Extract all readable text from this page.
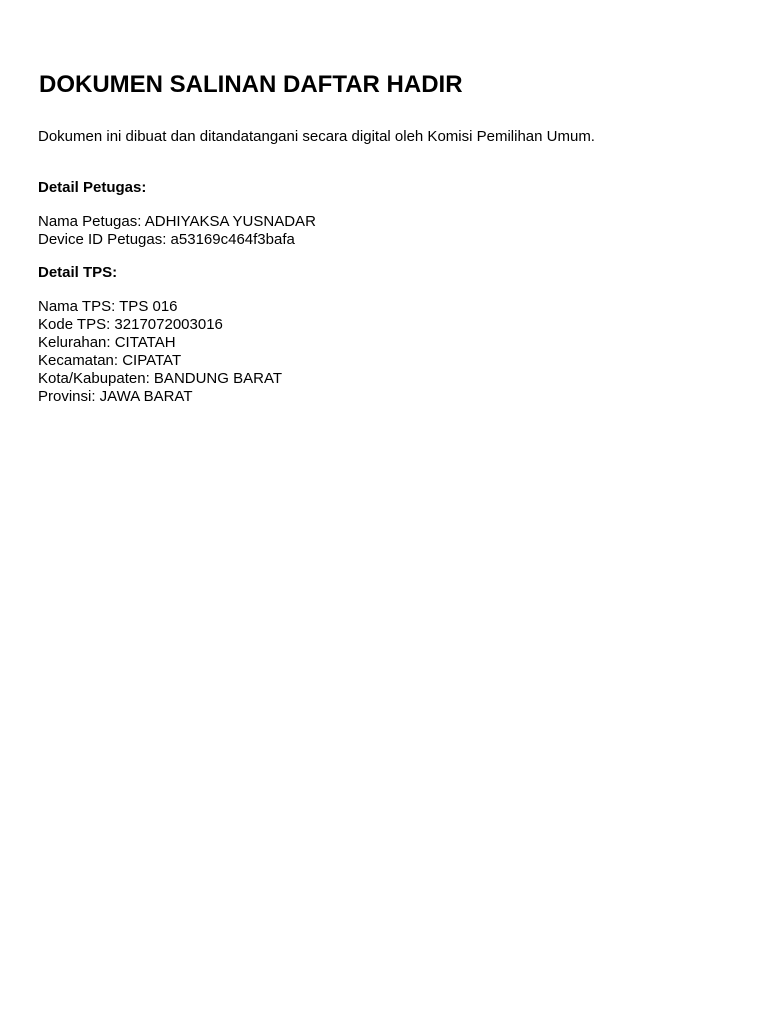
DOKUMEN SALINAN DAFTAR HADIR

Dokumen ini dibuat dan ditandatangani secara digital oleh Komisi Pemilihan Umum.

Detail Petugas:
Nama Petugas: ADHIYAKSA YUSNADAR
Device ID Petugas: a53169c464f3bafa
Detail TPS:
Nama TPS: TPS 016
Kode TPS: 3217072003016
Kelurahan: CITATAH
Kecamatan: CIPATAT
Kota/Kabupaten: BANDUNG BARAT
Provinsi: JAWA BARAT
